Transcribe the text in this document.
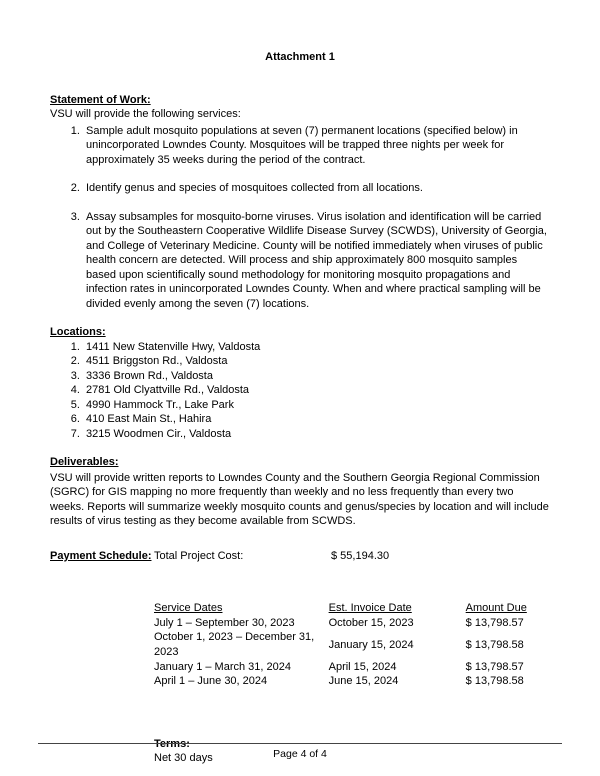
Attachment 1
Statement of Work:
VSU will provide the following services:
1. Sample adult mosquito populations at seven (7) permanent locations (specified below) in unincorporated Lowndes County. Mosquitoes will be trapped three nights per week for approximately 35 weeks during the period of the contract.
2. Identify genus and species of mosquitoes collected from all locations.
3. Assay subsamples for mosquito-borne viruses. Virus isolation and identification will be carried out by the Southeastern Cooperative Wildlife Disease Survey (SCWDS), University of Georgia, and College of Veterinary Medicine. County will be notified immediately when viruses of public health concern are detected. Will process and ship approximately 800 mosquito samples based upon scientifically sound methodology for monitoring mosquito propagations and infection rates in unincorporated Lowndes County. When and where practical sampling will be divided evenly among the seven (7) locations.
Locations:
1. 1411 New Statenville Hwy, Valdosta
2. 4511 Briggston Rd., Valdosta
3. 3336 Brown Rd., Valdosta
4. 2781 Old Clyattville Rd., Valdosta
5. 4990 Hammock Tr., Lake Park
6. 410 East Main St., Hahira
7. 3215 Woodmen Cir., Valdosta
Deliverables:
VSU will provide written reports to Lowndes County and the Southern Georgia Regional Commission (SGRC) for GIS mapping no more frequently than weekly and no less frequently than every two weeks. Reports will summarize weekly mosquito counts and genus/species by location and will include results of virus testing as they become available from SCWDS.
Payment Schedule: Total Project Cost:	$ 55,194.30
Service Dates	Est. Invoice Date	Amount Due
July 1 – September 30, 2023	October 15, 2023	$ 13,798.57
October 1, 2023 – December 31, 2023	January 15, 2024	$ 13,798.58
January 1 – March 31, 2024	April 15, 2024	$ 13,798.57
April 1 – June 30, 2024	June 15, 2024	$ 13,798.58
Terms:
Net 30 days	Page 4 of 4
